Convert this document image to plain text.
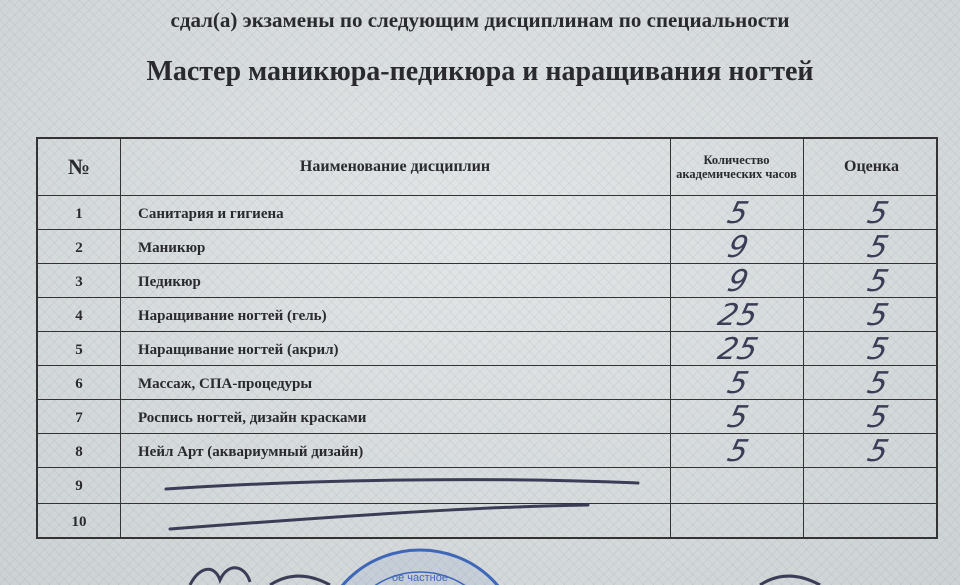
сдал(а) экзамены по следующим дисциплинам по специальности
Мастер маникюра-педикюра и наращивания ногтей
№	Наименование дисциплин	Количество академических часов	Оценка
1	Санитария и гигиена	5	5
2	Маникюр	9	5
3	Педикюр	9	5
4	Наращивание ногтей (гель)	25	5
5	Наращивание ногтей (акрил)	25	5
6	Массаж, СПА-процедуры	5	5
7	Роспись ногтей, дизайн красками	5	5
8	Нейл Арт (аквариумный дизайн)	5	5
9
10
ое частное
